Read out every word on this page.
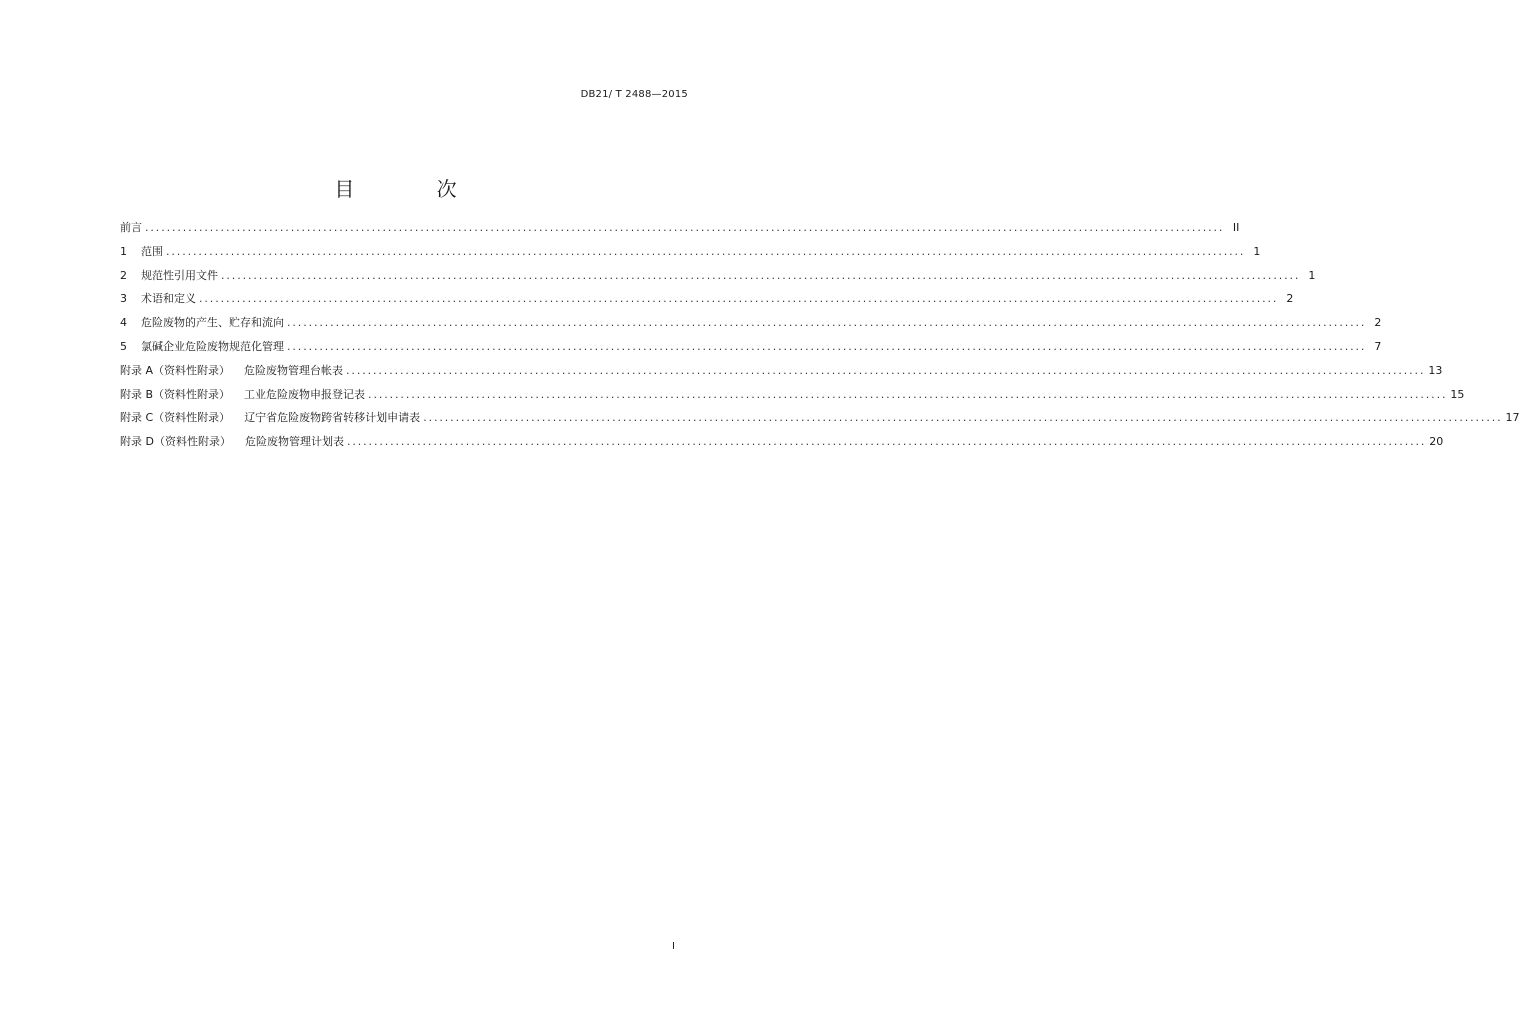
DB21/ T 2488—2015
目 次
前言 ........................................................................................................................................................................................................ II
1	范围 ........................................................................................................................................................................................................ 1
2	规范性引用文件 ........................................................................................................................................................................................................ 1
3	术语和定义 ........................................................................................................................................................................................................ 2
4	危险废物的产生、贮存和流向 ........................................................................................................................................................................................................ 2
5	氯碱企业危险废物规范化管理 ........................................................................................................................................................................................................ 7
附录 A（资料性附录） 危险废物管理台帐表 ........................................................................................................................................................................................................ 13
附录 B（资料性附录） 工业危险废物申报登记表 ........................................................................................................................................................................................................ 15
附录 C（资料性附录） 辽宁省危险废物跨省转移计划申请表 ........................................................................................................................................................................................................ 17
附录 D（资料性附录） 危险废物管理计划表 ........................................................................................................................................................................................................ 20
I
